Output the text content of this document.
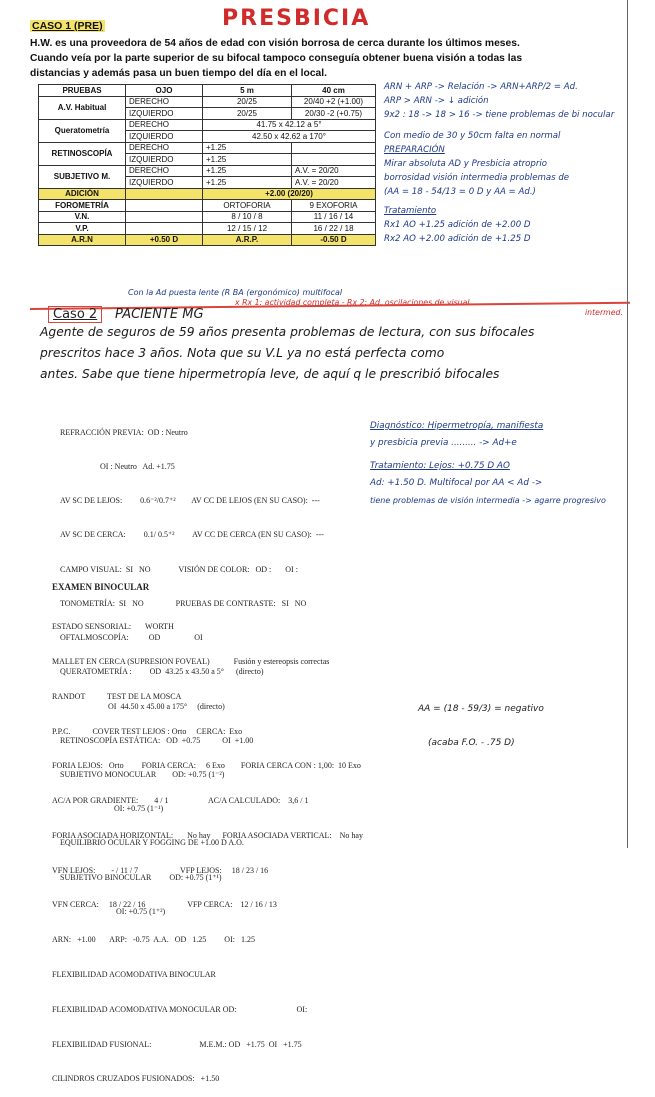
CASO 1 (PRE)	PRESBICIA
H.W. es una proveedora de 54 años de edad con visión borrosa de cerca durante los últimos meses.
Cuando veía por la parte superior de su bifocal tampoco conseguía obtener buena visión a todas las
distancias y además pasa un buen tiempo del día en el local.
PRUEBAS	OJO	5 m	40 cm
A.V. Habitual	DERECHO	20/25	20/40 +2 (+1.00)
	IZQUIERDO	20/25	20/30 -2 (+0.75)
Queratometría	DERECHO	41.75 x 42.12 a 5°	
	IZQUIERDO	42.50 x 42.62 a 170°	
RETINOSCOPÍA	DERECHO	+1.25	
	IZQUIERDO	+1.25	
SUBJETIVO M.	DERECHO	+1.25	A.V. = 20/20
	IZQUIERDO	+1.25	A.V. = 20/20
ADICIÓN		+2.00 (20/20)	
FOROMETRÍA		ORTOFORIA	9 EXOFORIA
V.N.		8 / 10 / 8	11 / 16 / 14
V.P.		12 / 15 / 12	16 / 22 / 18
A.R.N	+0.50 D	A.R.P.	-0.50 D
ARN + ARP -> Relación -> ARN+ARP/2 = Ad.
ARP > ARN -> ↓ adición
9x2 : 18 -> 18 > 16 -> tiene problemas de bi nocular
Con medio de 30 y 50cm falta en normal
PREPARACIÓN
Mirar absoluta AD y Presbicia atroprio
borrosidad visión intermedia problemas de
(AA = 18 - 54/13 = 0 D y AA = Ad.)
Tratamiento
Rx1 AO +1.25 adición de +2.00 D
Rx2 AO +2.00 adición de +1.25 D
Con la Ad puesta lente (R BA (ergonómico) multifocal
x Rx 1: actividad completa - Rx 2: Ad. oscilaciones de visual
intermed.
Caso 2	PACIENTE MG
Agente de seguros de 59 años presenta problemas de lectura, con sus bifocales
prescritos hace 3 años. Nota que su V.L ya no está perfecta como
antes. Sabe que tiene hipermetropía leve, de aquí q le prescribió bifocales

REFRACCIÓN PREVIA:  OD : Neutro

OI : Neutro   Ad. +1.75

AV SC DE LEJOS:         0.6⁻²/0.7⁺²        AV CC DE LEJOS (EN SU CASO):  ---

AV SC DE CERCA:         0.1/ 0.5⁺²         AV CC DE CERCA (EN SU CASO):  ---

CAMPO VISUAL:  SI   NO              VISIÓN DE COLOR:   OD :       OI :

TONOMETRÍA:  SI   NO                PRUEBAS DE CONTRASTE:   SI   NO

OFTALMOSCOPÍA:          OD                 OI

QUERATOMETRÍA :         OD  43.25 x 43.50 a 5°      (directo)

OI  44.50 x 45.00 a 175°     (directo)

RETINOSCOPÍA ESTÁTICA:   OD  +0.75           OI  +1.00

SUBJETIVO MONOCULAR        OD: +0.75 (1⁻²)

OI: +0.75 (1⁻¹)

EQUILIBRIO OCULAR Y FOGGING DE +1.00 D A.O.

SUBJETIVO BINOCULAR         OD: +0.75 (1⁺¹)

OI: +0.75 (1⁺²)

Diagnóstico: Hipermetropía, manifiesta
y presbicia previa ......... -> Ad+e
Tratamiento: Lejos: +0.75 D AO
Ad: +1.50 D. Multifocal por AA < Ad ->
tiene problemas de visión intermedia -> agarre progresivo
EXAMEN BINOCULAR

ESTADO SENSORIAL:       WORTH

MALLET EN CERCA (SUPRESION FOVEAL)            Fusión y estereopsis correctas

RANDOT           TEST DE LA MOSCA

P.P.C.           COVER TEST LEJOS : Orto     CERCA:  Exo

FORIA LEJOS:   Orto         FORIA CERCA:     6 Exo        FORIA CERCA CON : 1,00:  10 Exo

AC/A POR GRADIENTE:        4 / 1                    AC/A CALCULADO:    3,6 / 1

FORIA ASOCIADA HORIZONTAL:       No hay      FORIA ASOCIADA VERTICAL:    No hay

VFN LEJOS:        - / 11 / 7                     VFP LEJOS:     18 / 23 / 16

VFN CERCA:     18 / 22 / 16                     VFP CERCA:    12 / 16 / 13

ARN:   +1.00       ARP:   -0.75  A.A.   OD   1.25         OI:   1.25

FLEXIBILIDAD ACOMODATIVA BINOCULAR

FLEXIBILIDAD ACOMODATIVA MONOCULAR OD:                              OI:

FLEXIBILIDAD FUSIONAL:                        M.E.M.: OD   +1.75  OI   +1.75

CILINDROS CRUZADOS FUSIONADOS:   +1.50

AA = (18 - 59/3) = negativo
(acaba F.O. - .75 D)
